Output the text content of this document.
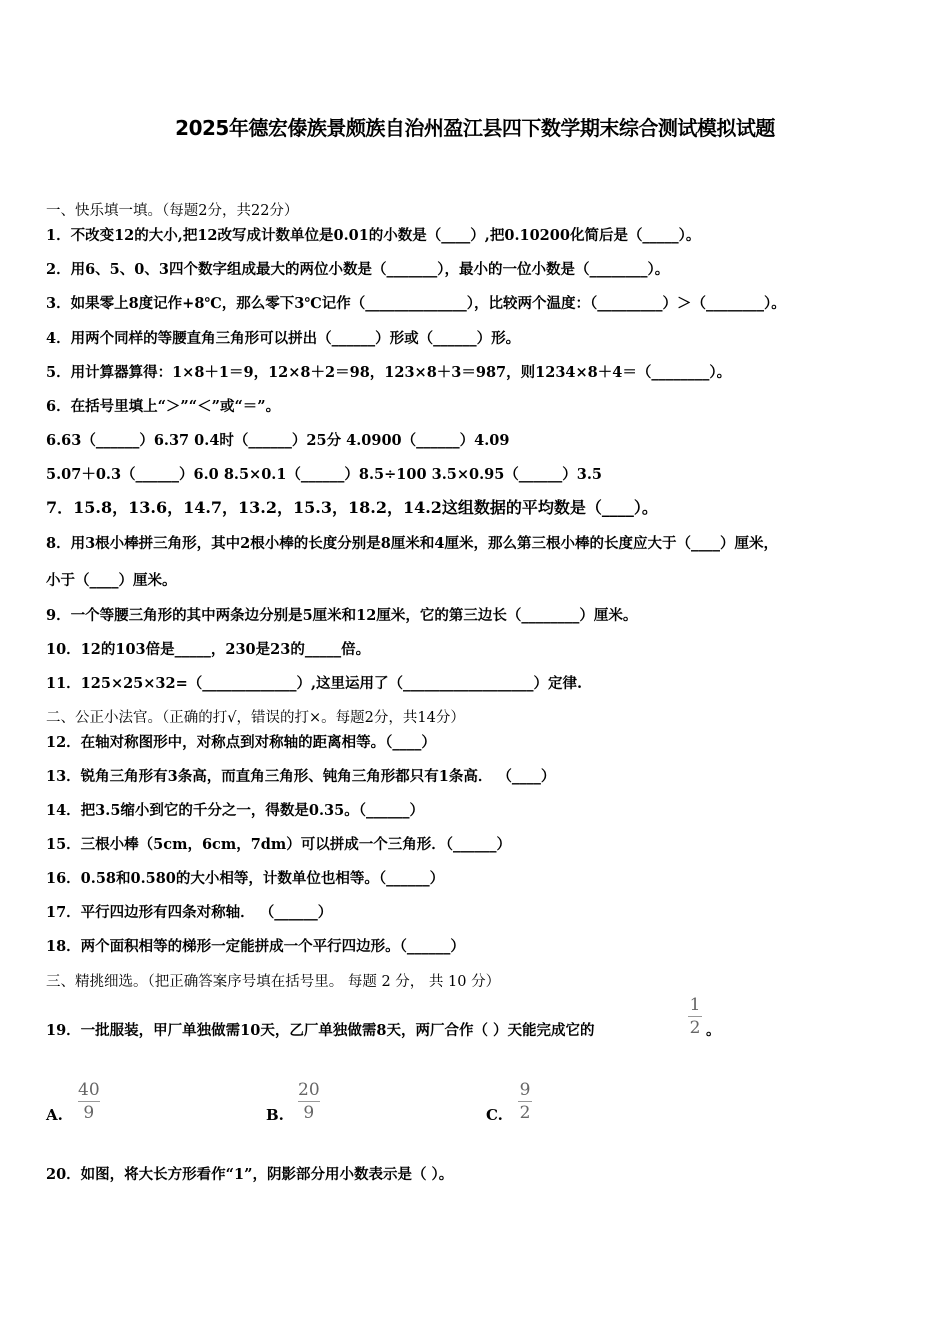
2025年德宏傣族景颇族自治州盈江县四下数学期末综合测试模拟试题
一、快乐填一填。（每题2分，共22分）
1．不改变12的大小,把12改写成计数单位是0.01的小数是（____）,把0.10200化简后是（_____）。
2．用6、5、0、3四个数字组成最大的两位小数是（_______），最小的一位小数是（________）。
3．如果零上8度记作+8℃，那么零下3℃记作（______________），比较两个温度：（_________）＞（________）。
4．用两个同样的等腰直角三角形可以拼出（______）形或（______）形。
5．用计算器算得：1×8＋1＝9，12×8＋2＝98，123×8＋3＝987，则1234×8＋4＝（________）。
6．在括号里填上“＞”“＜”或“＝”。
6.63（______）6.37 0.4时（______）25分 4.0900（______）4.09
5.07＋0.3（______）6.0 8.5×0.1（______）8.5÷100 3.5×0.95（______）3.5
7．15.8，13.6，14.7，13.2，15.3，18.2，14.2这组数据的平均数是（____）。
8．用3根小棒拼三角形，其中2根小棒的长度分别是8厘米和4厘米，那么第三根小棒的长度应大于（____）厘米，
小于（____）厘米。
9．一个等腰三角形的其中两条边分别是5厘米和12厘米，它的第三边长（________）厘米。
10．12的103倍是_____，230是23的_____倍。
11．125×25×32=（_____________）,这里运用了（__________________）定律.
二、公正小法官。（正确的打√，错误的打×。每题2分，共14分）
12．在轴对称图形中，对称点到对称轴的距离相等。（____）
13．锐角三角形有3条高，而直角三角形、钝角三角形都只有1条高． （____）
14．把3.5缩小到它的千分之一，得数是0.35。（______）
15．三根小棒（5cm，6cm，7dm）可以拼成一个三角形．（______）
16．0.58和0.580的大小相等，计数单位也相等。（______）
17．平行四边形有四条对称轴． （______）
18．两个面积相等的梯形一定能拼成一个平行四边形。（______）
三、精挑细选。（把正确答案序号填在括号里。 每题 2 分， 共 10 分）
19．一批服装，甲厂单独做需10天，乙厂单独做需8天，两厂合作（ ）天能完成它的	$\frac{1}{2}$ 。
A. $\frac{40}{9}$	B. $\frac{20}{9}$	C. $\frac{9}{2}$
20．如图，将大长方形看作“1”，阴影部分用小数表示是（ ）。
